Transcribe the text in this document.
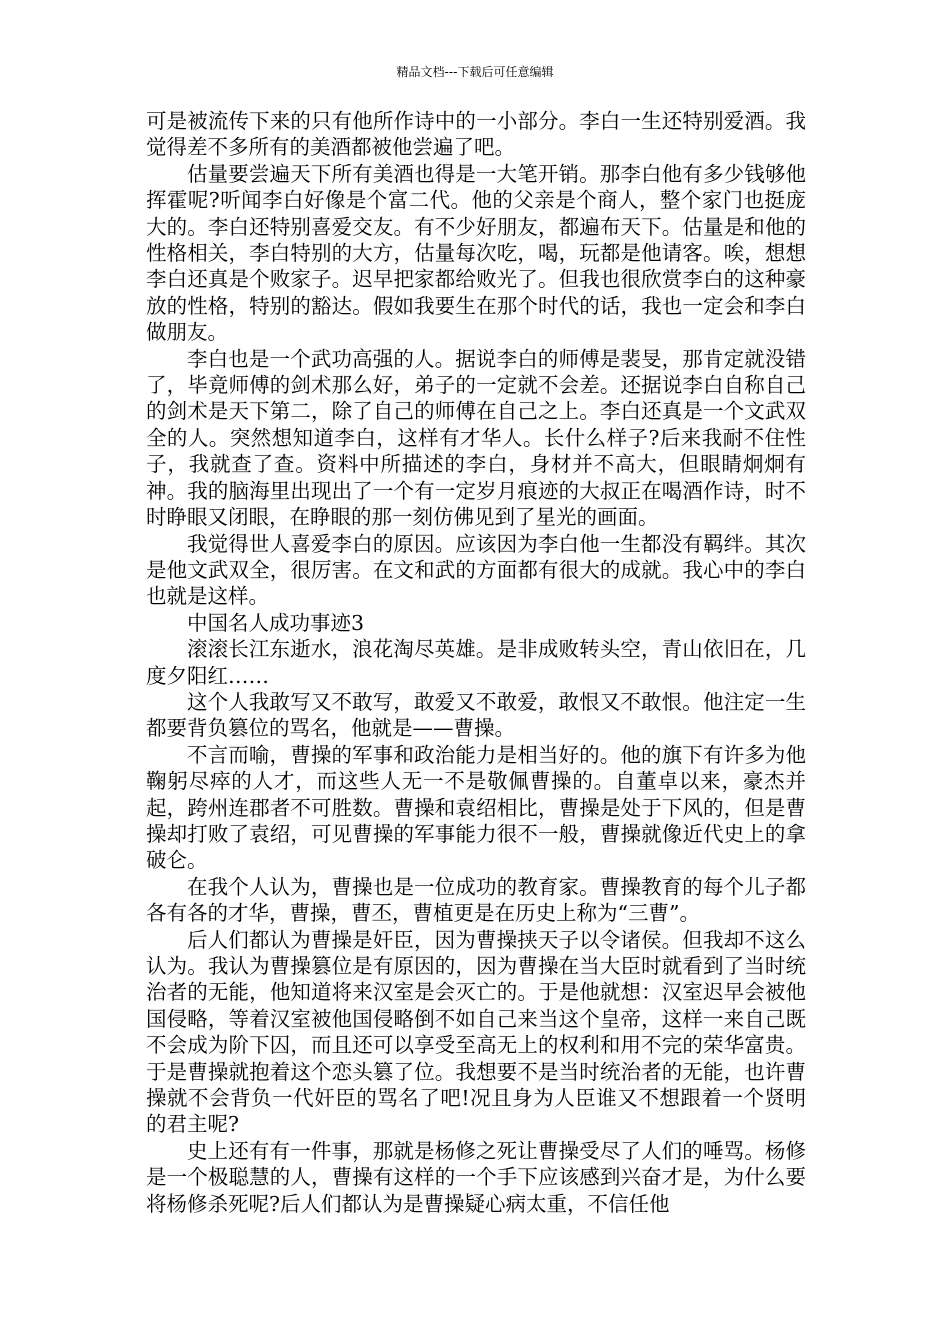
精品文档---下载后可任意编辑

可是被流传下来的只有他所作诗中的一小部分。李白一生还特别爱酒。我觉得差不多所有的美酒都被他尝遍了吧。

估量要尝遍天下所有美酒也得是一大笔开销。那李白他有多少钱够他挥霍呢?听闻李白好像是个富二代。他的父亲是个商人，整个家门也挺庞大的。李白还特别喜爱交友。有不少好朋友，都遍布天下。估量是和他的性格相关，李白特别的大方，估量每次吃，喝，玩都是他请客。唉，想想李白还真是个败家子。迟早把家都给败光了。但我也很欣赏李白的这种豪放的性格，特别的豁达。假如我要生在那个时代的话，我也一定会和李白做朋友。

李白也是一个武功高强的人。据说李白的师傅是裴旻，那肯定就没错了，毕竟师傅的剑术那么好，弟子的一定就不会差。还据说李白自称自己的剑术是天下第二，除了自己的师傅在自己之上。李白还真是一个文武双全的人。突然想知道李白，这样有才华人。长什么样子?后来我耐不住性子，我就查了查。资料中所描述的李白，身材并不高大，但眼睛炯炯有神。我的脑海里出现出了一个有一定岁月痕迹的大叔正在喝酒作诗，时不时睁眼又闭眼，在睁眼的那一刻仿佛见到了星光的画面。

我觉得世人喜爱李白的原因。应该因为李白他一生都没有羁绊。其次是他文武双全，很厉害。在文和武的方面都有很大的成就。我心中的李白也就是这样。

中国名人成功事迹3

滚滚长江东逝水，浪花淘尽英雄。是非成败转头空，青山依旧在，几度夕阳红……

这个人我敢写又不敢写，敢爱又不敢爱，敢恨又不敢恨。他注定一生都要背负篡位的骂名，他就是——曹操。

不言而喻，曹操的军事和政治能力是相当好的。他的旗下有许多为他鞠躬尽瘁的人才，而这些人无一不是敬佩曹操的。自董卓以来，豪杰并起，跨州连郡者不可胜数。曹操和袁绍相比，曹操是处于下风的，但是曹操却打败了袁绍，可见曹操的军事能力很不一般，曹操就像近代史上的拿破仑。

在我个人认为，曹操也是一位成功的教育家。曹操教育的每个儿子都各有各的才华，曹操，曹丕，曹植更是在历史上称为“三曹”。

后人们都认为曹操是奸臣，因为曹操挟天子以令诸侯。但我却不这么认为。我认为曹操篡位是有原因的，因为曹操在当大臣时就看到了当时统治者的无能，他知道将来汉室是会灭亡的。于是他就想：汉室迟早会被他国侵略，等着汉室被他国侵略倒不如自己来当这个皇帝，这样一来自己既不会成为阶下囚，而且还可以享受至高无上的权利和用不完的荣华富贵。于是曹操就抱着这个恋头篡了位。我想要不是当时统治者的无能，也许曹操就不会背负一代奸臣的骂名了吧!况且身为人臣谁又不想跟着一个贤明的君主呢?

史上还有有一件事，那就是杨修之死让曹操受尽了人们的唾骂。杨修是一个极聪慧的人，曹操有这样的一个手下应该感到兴奋才是，为什么要将杨修杀死呢?后人们都认为是曹操疑心病太重，不信任他
